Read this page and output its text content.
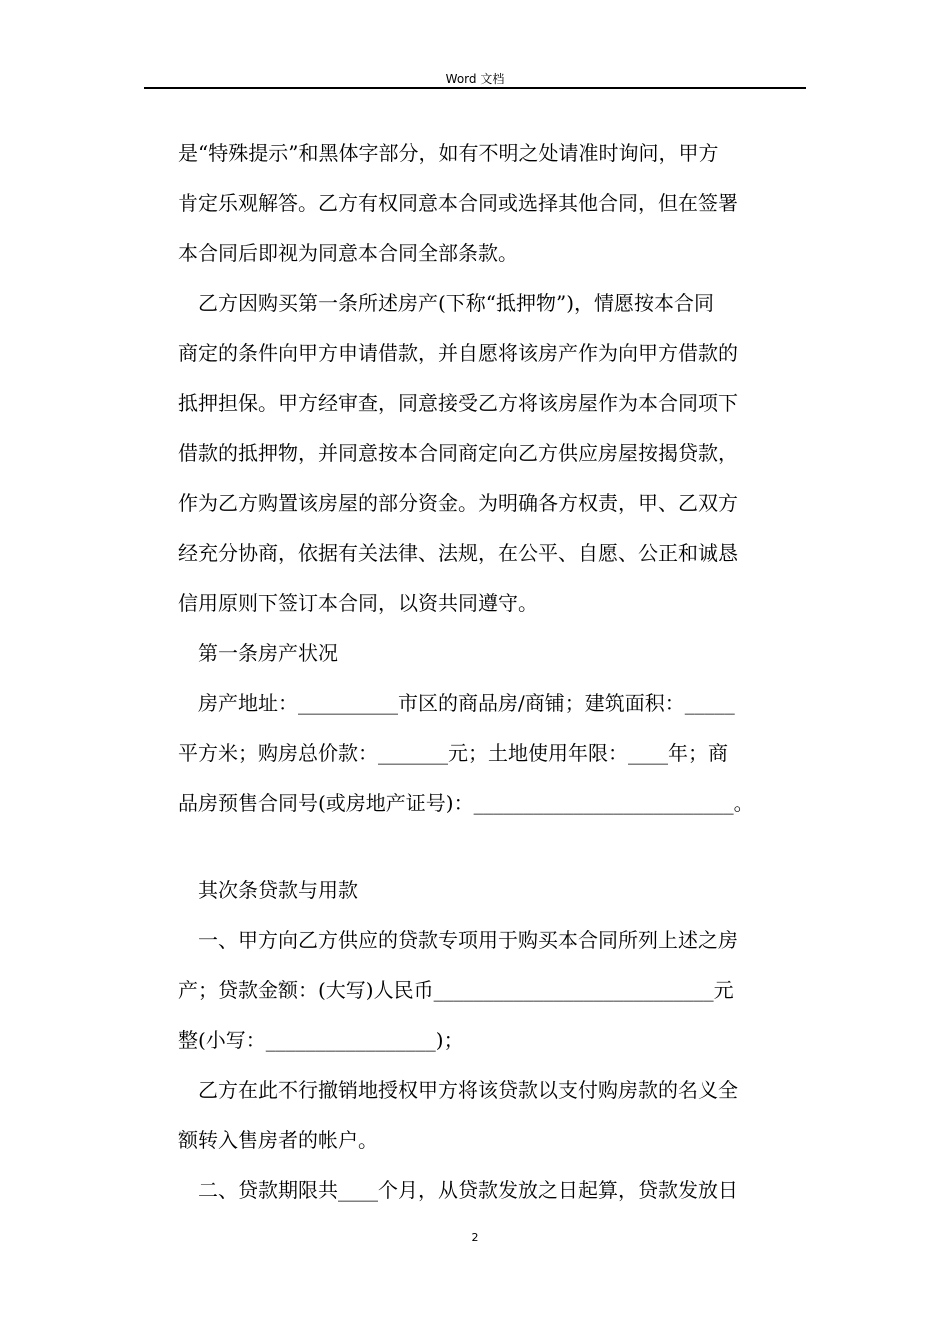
Word 文档
是“特殊提示”和黑体字部分，如有不明之处请准时询问，甲方
肯定乐观解答。乙方有权同意本合同或选择其他合同，但在签署
本合同后即视为同意本合同全部条款。
乙方因购买第一条所述房产(下称“抵押物”)，情愿按本合同
商定的条件向甲方申请借款，并自愿将该房产作为向甲方借款的
抵押担保。甲方经审查，同意接受乙方将该房屋作为本合同项下
借款的抵押物，并同意按本合同商定向乙方供应房屋按揭贷款，
作为乙方购置该房屋的部分资金。为明确各方权责，甲、乙双方
经充分协商，依据有关法律、法规，在公平、自愿、公正和诚恳
信用原则下签订本合同，以资共同遵守。
第一条房产状况
房产地址：__________市区的商品房/商铺；建筑面积：_____
平方米；购房总价款：_______元；土地使用年限：____年；商
品房预售合同号(或房地产证号)：__________________________。
其次条贷款与用款
一、甲方向乙方供应的贷款专项用于购买本合同所列上述之房
产；贷款金额：(大写)人民币____________________________元
整(小写：_________________)；
乙方在此不行撤销地授权甲方将该贷款以支付购房款的名义全
额转入售房者的帐户。
二、贷款期限共____个月，从贷款发放之日起算，贷款发放日
2
